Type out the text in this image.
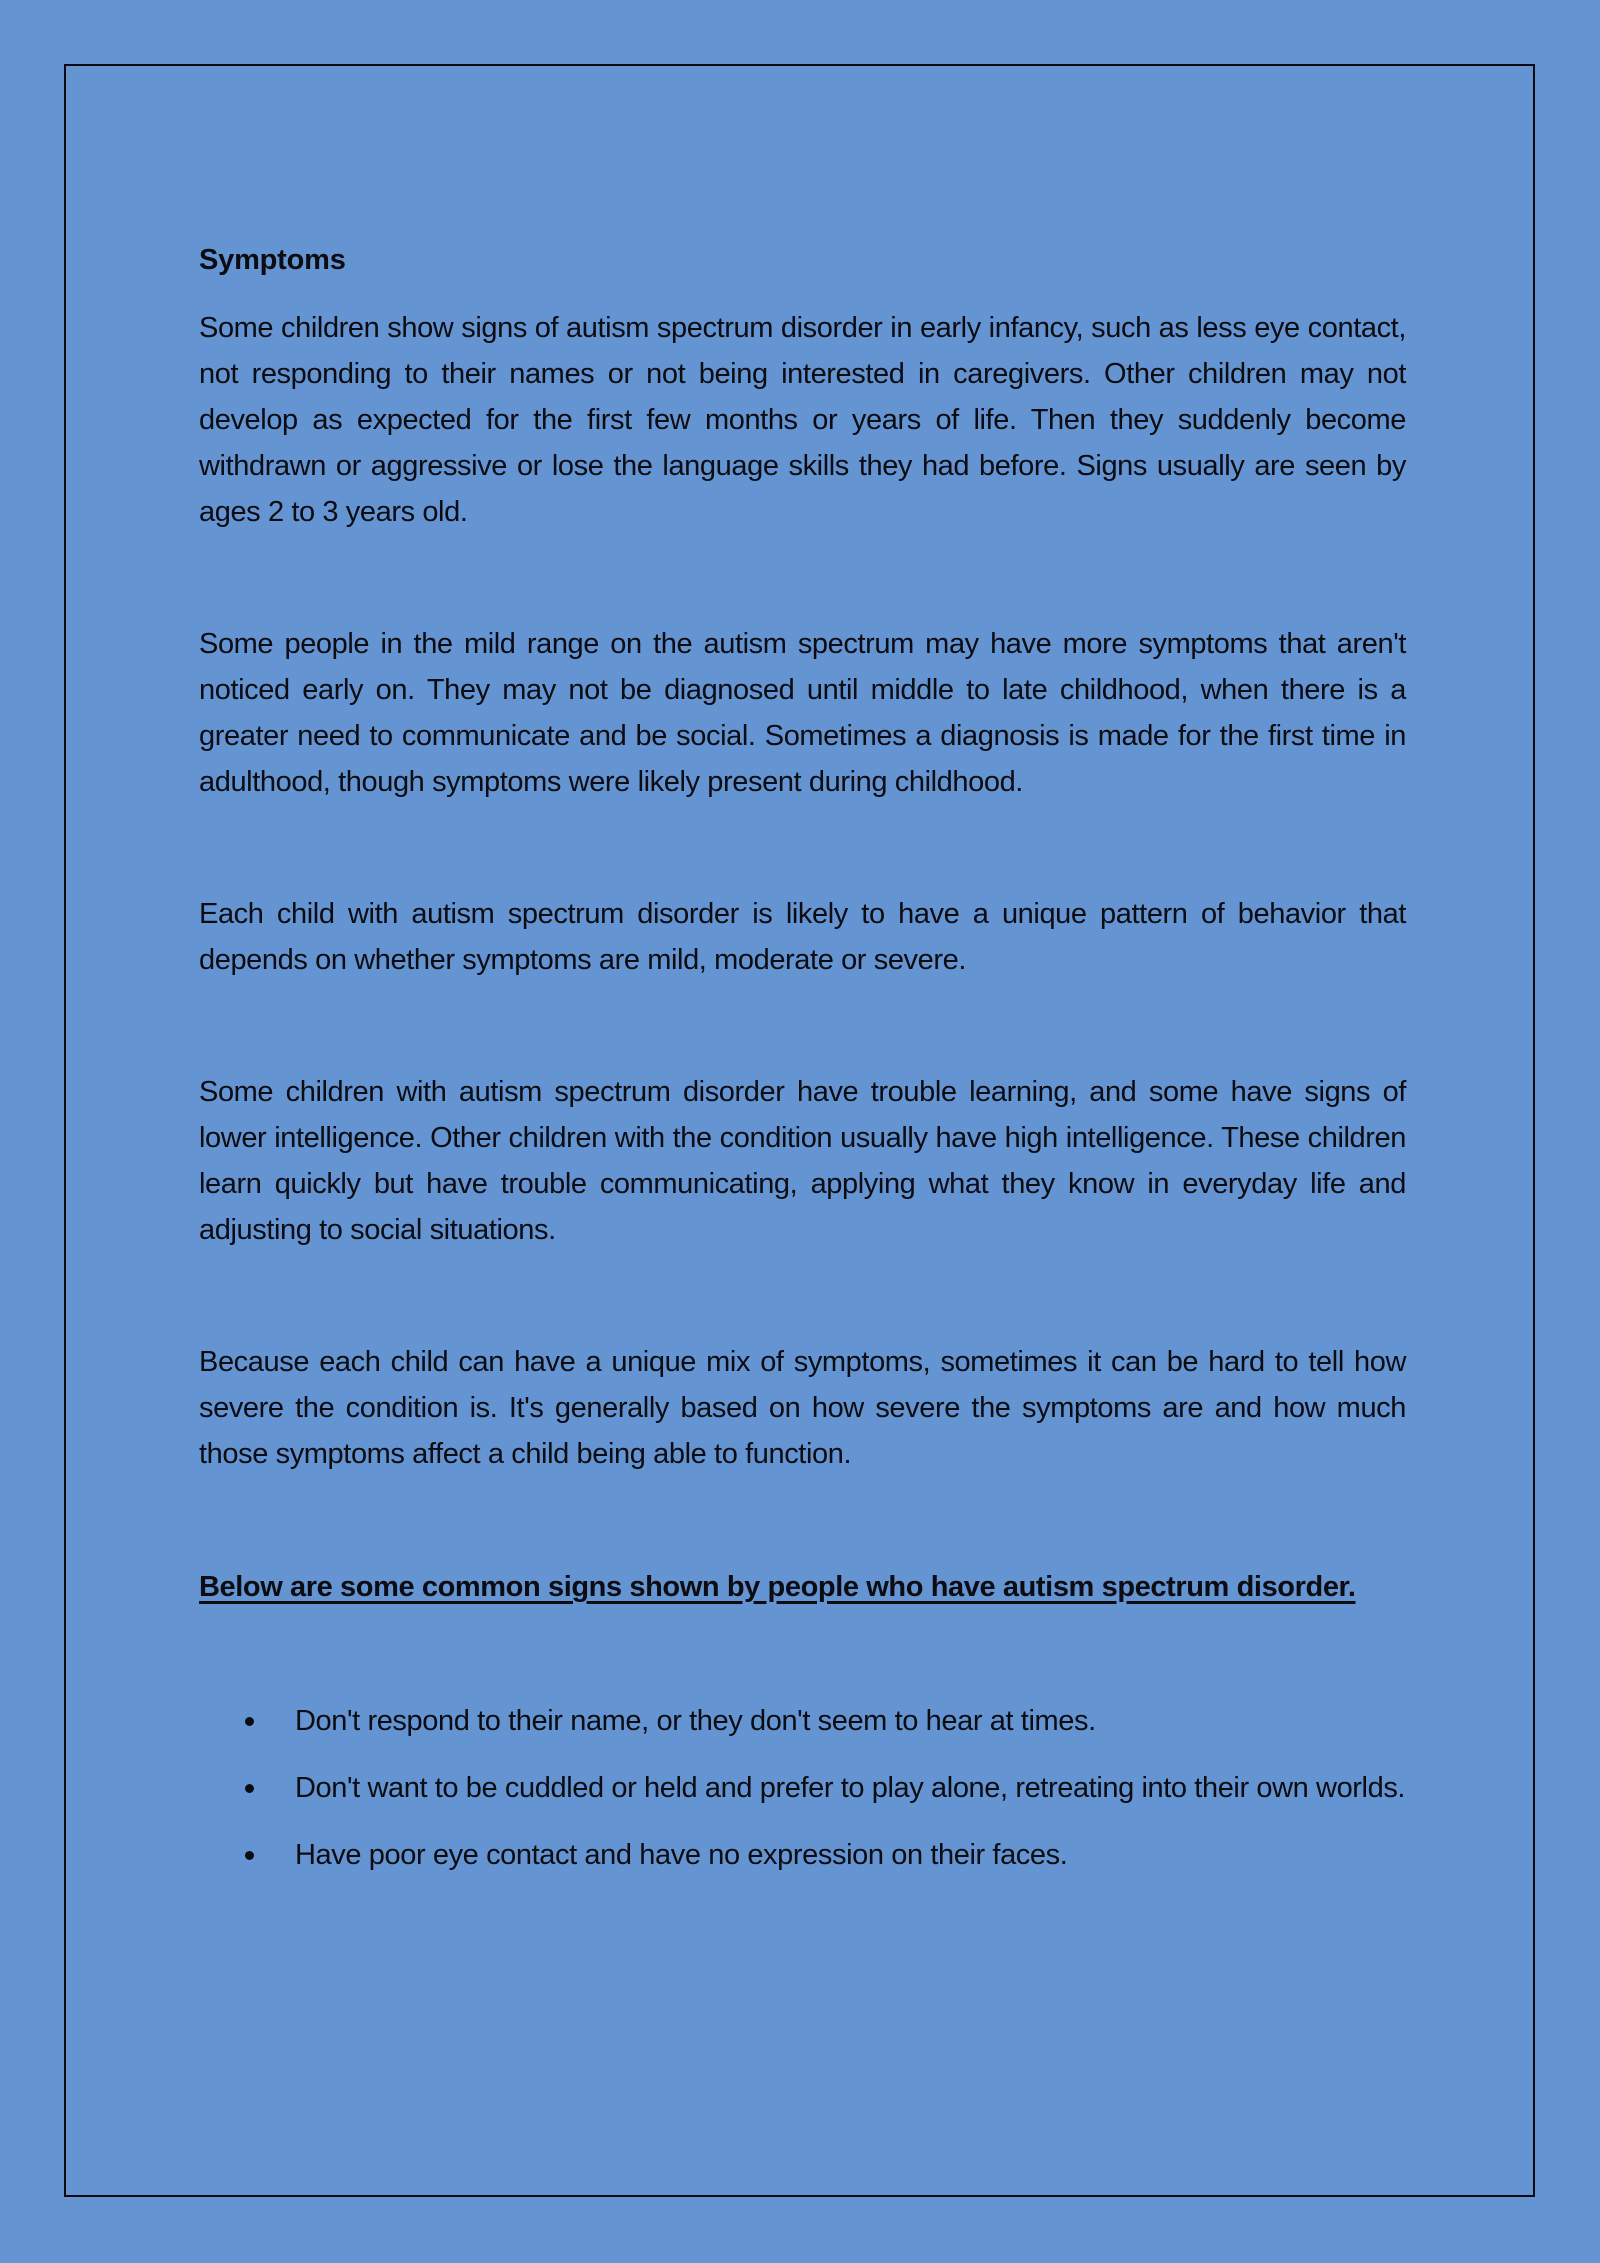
Symptoms

Some children show signs of autism spectrum disorder in early infancy, such as less eye contact, not responding to their names or not being interested in caregivers. Other children may not develop as expected for the first few months or years of life. Then they suddenly become withdrawn or aggressive or lose the language skills they had before. Signs usually are seen by ages 2 to 3 years old.

Some people in the mild range on the autism spectrum may have more symptoms that aren't noticed early on. They may not be diagnosed until middle to late childhood, when there is a greater need to communicate and be social. Sometimes a diagnosis is made for the first time in adulthood, though symptoms were likely present during childhood.

Each child with autism spectrum disorder is likely to have a unique pattern of behavior that depends on whether symptoms are mild, moderate or severe.

Some children with autism spectrum disorder have trouble learning, and some have signs of lower intelligence. Other children with the condition usually have high intelligence. These children learn quickly but have trouble communicating, applying what they know in everyday life and adjusting to social situations.

Because each child can have a unique mix of symptoms, sometimes it can be hard to tell how severe the condition is. It's generally based on how severe the symptoms are and how much those symptoms affect a child being able to function.

Below are some common signs shown by people who have autism spectrum disorder.
Don't respond to their name, or they don't seem to hear at times.
Don't want to be cuddled or held and prefer to play alone, retreating into their own worlds.
Have poor eye contact and have no expression on their faces.
